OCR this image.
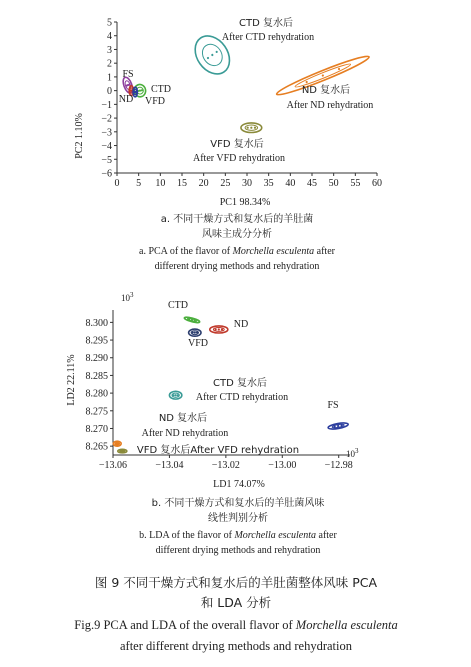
0 5 10 15 20 25 30 35 40 45 50 55 60
5
4
3
2
1
0
−1
−2
−3
−4
−5
−6
PC2 1.10%
PC1 98.34%
CTD 复水后
After CTD rehydration
FS
ND VFD
CTD	ND 复水后
After ND rehydration
VFD 复水后
After VFD rehydration
a. 不同干燥方式和复水后的羊肚菌
风味主成分分析
a. PCA of the flavor of Morchella esculenta after
different drying methods and rehydration
−13.06	−13.04	−13.02	−13.00	−12.98
8.300
8.295
8.290
8.285
8.280
8.275
8.270
8.265
LD2 22.11%
LD1 74.07%
$10^3$
$10^3$
CTD
ND
VFD
CTD 复水后
After CTD rehydration
FS
ND 复水后
After ND rehydration
VFD 复水后After VFD rehydration
b. 不同干燥方式和复水后的羊肚菌风味
线性判别分析
b. LDA of the flavor of Morchella esculenta after
different drying methods and rehydration
图 9 不同干燥方式和复水后的羊肚菌整体风味 PCA
和 LDA 分析
Fig.9 PCA and LDA of the overall flavor of Morchella esculenta
after different drying methods and rehydration
